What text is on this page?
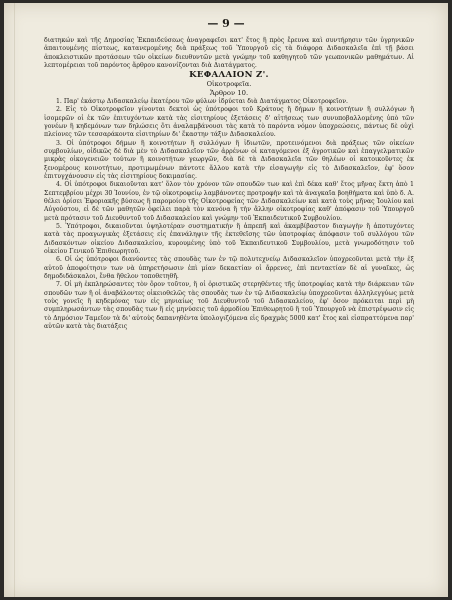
— 9 —

διατηκών καὶ τῆς Δημοσίας Ἐκπαιδεύσεως ἀναγραφεῖσι κατ' ἔτος ἢ πρὸς ἔρευνα καὶ συντήρησιν τῶν ὑγρηνικῶν ἀπαιτουμένης πίστεως, κατανεμομένης διὰ πράξεως τοῦ Ὑπουργοῦ εἰς τὰ διάφορα Διδασκαλεῖα ἐπὶ τῇ βάσει ἀποκλειστικῶν προτάσεων τῶν οἰκείων διευθυντῶν μετὰ γνώμην τοῦ καθηγητοῦ τῶν γεωπονικῶν μαθημάτων. Αἱ λεπτομέρειαι τοῦ παρόντος ἄρθρου κανονίζονται διὰ Διατάγματος.

ΚΕΦΑΛΑΙΟΝ Ζ'.

Οἰκοτροφεῖα.

Ἄρθρον 10.

1. Παρ' ἑκάστῳ Διδασκαλείῳ ἑκατέρου τῶν φύλων ἱδρύεται διὰ Διατάγματος Οἰκοτροφεῖον.

2. Εἰς τὸ Οἰκοτροφεῖον γίνονται δεκτοὶ ὡς ὑπότροφοι τοῦ Κράτους ἢ δήμων ἢ κοινοτήτων ἢ συλλόγων ἢ ἰσομερῶν οἱ ἐκ τῶν ἐπιτυχόντων κατὰ τὰς εἰσιτηρίους ἐξετάσεις δ' αἰτήσεως των συνυποβαλλομένης ὑπὸ τῶν γονέων ἢ κηδεμόνων των δηλώσεις ὅτι ἀναλαμβάνουσι τὰς κατὰ τὸ παρόντα νόμον ὑποχρεώσεις, πάντως δὲ οὐχὶ πλείονες τῶν τεσσαράκοντα εἰσιτηρίων δι' ἕκαστην τάξιν Διδασκαλείου.

3. Οἱ ὑπότροφοι δήμων ἢ κοινοτήτων ἢ συλλόγων ἢ ἰδιωτῶν, προτεινόμενοι διὰ πράξεως τῶν οἰκείων συμβουλίων, οἰδικῶς δὲ διὰ μὲν τὸ Διδασκαλεῖον τῶν ἀρρένων οἱ καταγόμενοι ἐξ ἀγροτικῶν καὶ ἐπαγγελματικῶν μικρὰς οἰκογενειῶν τούτων ἢ κοινοτήτων γεωργῶν, διὰ δὲ τὰ Διδασκαλεῖα τῶν θηλέων οἱ κατοικοῦντες ἐκ ξενομέρους κοινοτήτων, προτιμωμένων πάντοτε ἄλλου κατὰ τὴν εἰσαγωγὴν εἰς τὸ Διδασκαλεῖον, ἐφ' ὅσον ἐπιτυγχάνουσιν εἰς τὰς εἰσιτηρίους δοκιμασίας.

4. Οἱ ὑπότροφοι δικαιοῦνται κατ' ὅλον τὸν χρόνον τῶν σπουδῶν των καὶ ἐπὶ δέκα καθ' ἔτος μῆνας ἔκτη ἀπὸ 1 Σεπτεμβρίου μέχρι 30 Ἰουνίου, ἐν τῷ οἰκοτροφείῳ λαμβάνοντες προτροφὴν καὶ τὰ ἀναγκαῖα βοηθήματα καὶ ὑπὸ δ. Α. θέλει ὁρίσει Ἐφοριακῆς βύσεως ἢ παρομοίου τῆς Οἰκοτροφείας τῶν Διδασκαλείων καὶ κατὰ τοὺς μῆνας Ἰουλίου καὶ Αὐγούστου, εἰ δὲ τῶν μαθητῶν ὀφείλει παρὰ τὸν κανόνα ἢ τὴν ἄλλην οἰκοτροφίας καθ' ἀπόφασιν τοῦ Ὑπουργοῦ μετὰ πρότασιν τοῦ Διευθυντοῦ τοῦ Διδασκαλείου καὶ γνώμην τοῦ Ἐκπαιδευτικοῦ Συμβουλίου.

5. Ὑπότροφοι, δικαιοῦνται ὑψηλοτέραν συστηματικὴν ἢ ἀπρεπῆ καὶ ἀκαμβίβαστον διαγωγὴν ἢ ἀποτυχόντες κατὰ τὰς προαγωγικὰς ἐξετάσεις εἰς ἐπανάληψιν τῆς ἐκτεθεῖσης τῶν ὑποτροφίας ἀπόφασιν τοῦ συλλόγου τῶν Διδασκόντων οἰκείου Διδασκαλείου, κυρουμένης ὑπὸ τοῦ Ἐκπαιδευτικοῦ Συμβουλίου, μετὰ γνωμοδότησιν τοῦ οἰκείου Γενικοῦ Ἐπιθεωρητοῦ.

6. Οἱ ὡς ὑπότροφοι διανύοντες τὰς σπουδὰς των ἐν τῷ πολυτεχνείῳ Διδασκαλεῖον ὑποχρεοῦνται μετὰ τὴν ἐξ αὐτοῦ ἀποφοίτησιν των νὰ ὑπηρετήσωσιν ἐπὶ μίαν δεκαετίαν οἱ ἄρρενες, ἐπὶ πενταετίαν δὲ αἱ γυναῖκες, ὡς δημοδιδάσκαλοι, ἔνθα ἤθελον τοποθετηθῆ.

7. Οἱ μὴ ἐκπληρώσαντες τὸν ὅρον τοῦτον, ἢ οἱ ὁριστικῶς στερηθέντες τῆς ὑποτροφίας κατὰ τὴν διάρκειαν τῶν σπουδῶν των ἢ οἱ ἀναβάλοντες οἰκειοθελῶς τὰς σπουδὰς των ἐν τῷ Διδασκαλείῳ ὑποχρεοῦνται ἀλληλεγγύως μετὰ τοὺς γονεῖς ἢ κηδεμόνας των εἰς μηνιαίως τοῦ Διευθυντοῦ τοῦ Διδασκαλείου, ἐφ' ὅσον πρόκειται περὶ μὴ συμπληρωσάντων τὰς σπουδὰς των ἢ εἰς μηνύσεις τοῦ ἁρμοδίου Ἐπιθεωρητοῦ ἢ τοῦ Ὑπουργοῦ νὰ ἐπιστρέψωσιν εἰς τὸ Δημόσιον Ταμεῖον τὰ δι' αὐτοὺς δαπανηθέντα ὑπολογιζόμενα εἰς δραχμὰς 5000 κατ' ἔτος καὶ εἰσπραττόμενα παρ' αὐτῶν κατὰ τὰς διατάξεις
